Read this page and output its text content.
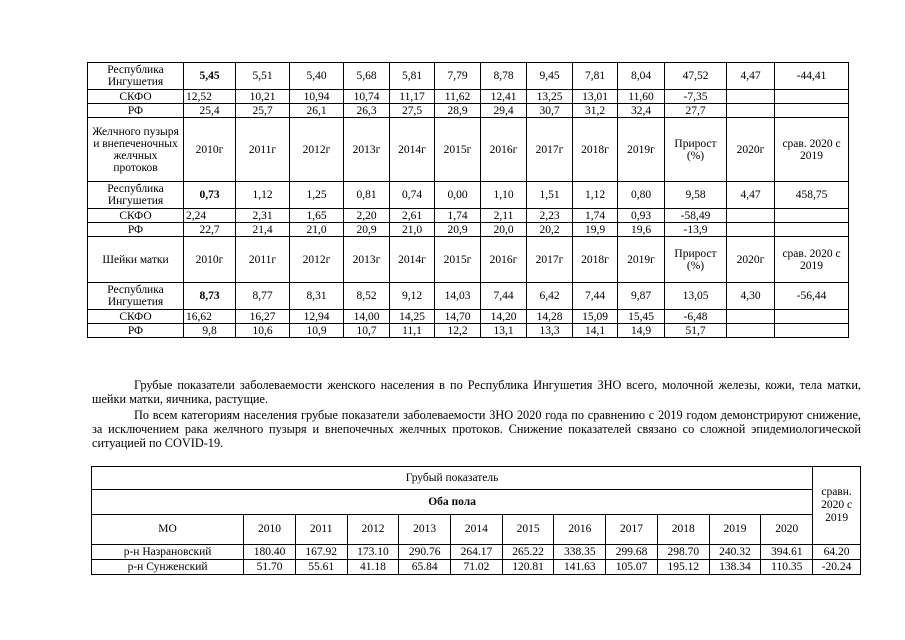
Республика Ингушетия	5,45	5,51	5,40	5,68	5,81	7,79	8,78	9,45	7,81	8,04	47,52	4,47	-44,41
СКФО	12,52	10,21	10,94	10,74	11,17	11,62	12,41	13,25	13,01	11,60	-7,35		
РФ	25,4	25,7	26,1	26,3	27,5	28,9	29,4	30,7	31,2	32,4	27,7		
Желчного пузыря и внепеченочных желчных протоков	2010г	2011г	2012г	2013г	2014г	2015г	2016г	2017г	2018г	2019г	Прирост (%)	2020г	срав. 2020 с 2019
Республика Ингушетия	0,73	1,12	1,25	0,81	0,74	0,00	1,10	1,51	1,12	0,80	9,58	4,47	458,75
СКФО	2,24	2,31	1,65	2,20	2,61	1,74	2,11	2,23	1,74	0,93	-58,49		
РФ	22,7	21,4	21,0	20,9	21,0	20,9	20,0	20,2	19,9	19,6	-13,9		
Шейки матки	2010г	2011г	2012г	2013г	2014г	2015г	2016г	2017г	2018г	2019г	Прирост (%)	2020г	срав. 2020 с 2019
Республика Ингушетия	8,73	8,77	8,31	8,52	9,12	14,03	7,44	6,42	7,44	9,87	13,05	4,30	-56,44
СКФО	16,62	16,27	12,94	14,00	14,25	14,70	14,20	14,28	15,09	15,45	-6,48		
РФ	9,8	10,6	10,9	10,7	11,1	12,2	13,1	13,3	14,1	14,9	51,7		

Грубые показатели заболеваемости женского населения в по Республика Ингушетия ЗНО всего, молочной железы, кожи, тела матки, шейки матки, яичника, растущие.

По всем категориям населения грубые показатели заболеваемости ЗНО 2020 года по сравнению с 2019 годом демонстрируют снижение, за исключением рака желчного пузыря и внепочечных желчных протоков. Снижение показателей связано со сложной эпидемиологической ситуацией по COVID-19.

Грубый показатель												сравн. 2020 с 2019
Оба пола												
МО	2010	2011	2012	2013	2014	2015	2016	2017	2018	2019	2020	
р-н Назрановский	180.40	167.92	173.10	290.76	264.17	265.22	338.35	299.68	298.70	240.32	394.61	64.20
р-н Сунженский	51.70	55.61	41.18	65.84	71.02	120.81	141.63	105.07	195.12	138.34	110.35	-20.24
